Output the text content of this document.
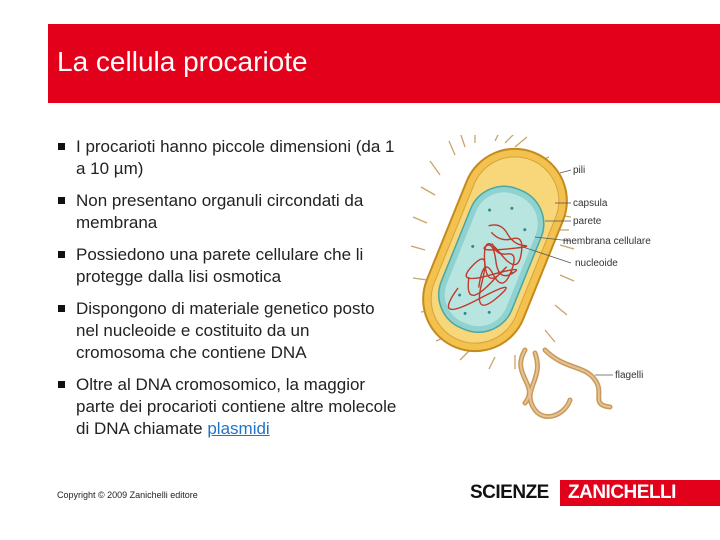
La cellula procariote
I procarioti hanno piccole dimensioni (da 1 a 10 µm)
Non presentano organuli circondati da membrana
Possiedono una parete cellulare che li protegge dalla lisi osmotica
Dispongono di materiale genetico posto nel nucleoide e costituito da un cromosoma che contiene DNA
Oltre al DNA cromosomico, la maggior parte dei procarioti contiene altre molecole di DNA chiamate plasmidi
pili
capsula
parete
membrana cellulare
nucleoide
flagelli
Copyright © 2009 Zanichelli editore	SCIENZE	ZANICHELLI
